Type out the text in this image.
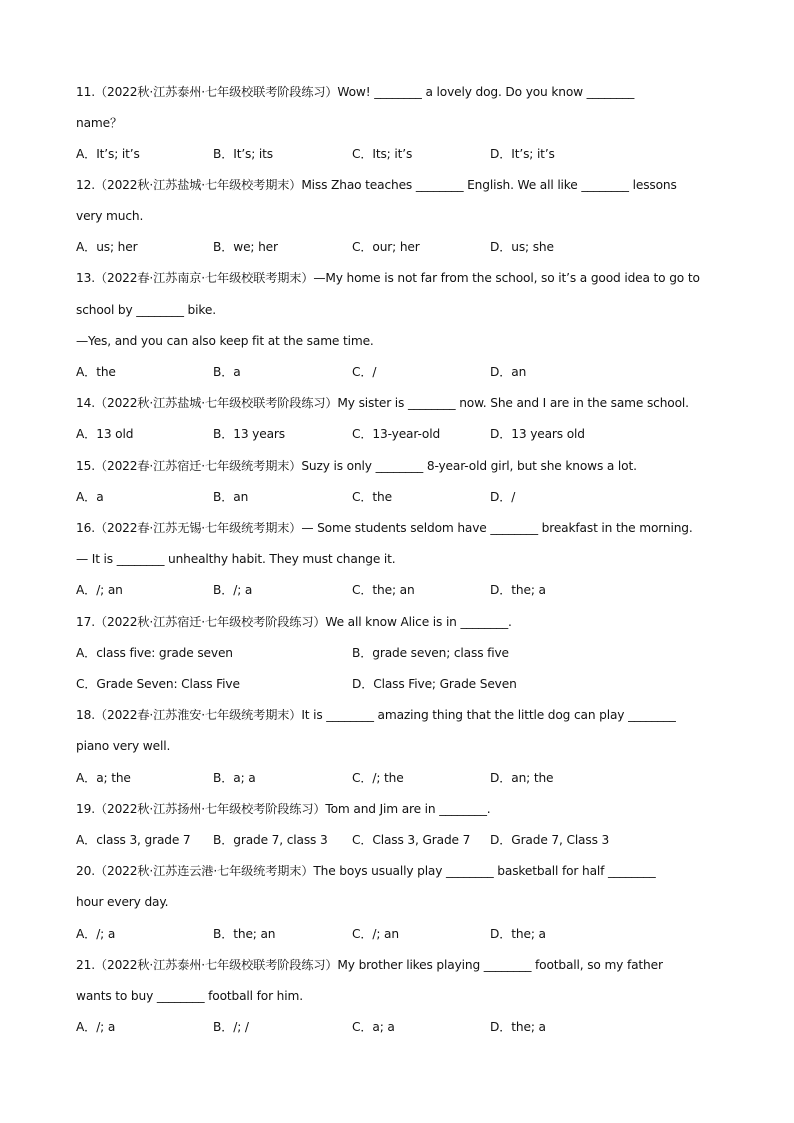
11.（2022秋·江苏泰州·七年级校联考阶段练习）Wow! ________ a lovely dog. Do you know ________
name？
A．It’s; it’s	B．It’s; its	C．Its; it’s	D．It’s; it’s
12.（2022秋·江苏盐城·七年级校考期末）Miss Zhao teaches ________ English. We all like ________ lessons
very much.
A．us; her	B．we; her	C．our; her	D．us; she
13.（2022春·江苏南京·七年级校联考期末）—My home is not far from the school, so it’s a good idea to go to
school by ________ bike.
—Yes, and you can also keep fit at the same time.
A．the	B．a	C．/	D．an
14.（2022秋·江苏盐城·七年级校联考阶段练习）My sister is ________ now. She and I are in the same school.
A．13 old	B．13 years	C．13-year-old	D．13 years old
15.（2022春·江苏宿迁·七年级统考期末）Suzy is only ________ 8-year-old girl, but she knows a lot.
A．a	B．an	C．the	D．/
16.（2022春·江苏无锡·七年级统考期末）— Some students seldom have ________ breakfast in the morning.
— It is ________ unhealthy habit. They must change it.
A．/; an	B．/; a	C．the; an	D．the; a
17.（2022秋·江苏宿迁·七年级校考阶段练习）We all know Alice is in ________.
A．class five: grade seven	B．grade seven; class five
C．Grade Seven: Class Five	D．Class Five; Grade Seven
18.（2022春·江苏淮安·七年级统考期末）It is ________ amazing thing that the little dog can play ________
piano very well.
A．a; the	B．a; a	C．/; the	D．an; the
19.（2022秋·江苏扬州·七年级校考阶段练习）Tom and Jim are in ________.
A．class 3, grade 7 B．grade 7, class 3 C．Class 3, Grade 7 D．Grade 7, Class 3
20.（2022秋·江苏连云港·七年级统考期末）The boys usually play ________ basketball for half ________
hour every day.
A．/; a	B．the; an	C．/; an	D．the; a
21.（2022秋·江苏泰州·七年级校联考阶段练习）My brother likes playing ________ football, so my father
wants to buy ________ football for him.
A．/; a	B．/; /	C．a; a	D．the; a
